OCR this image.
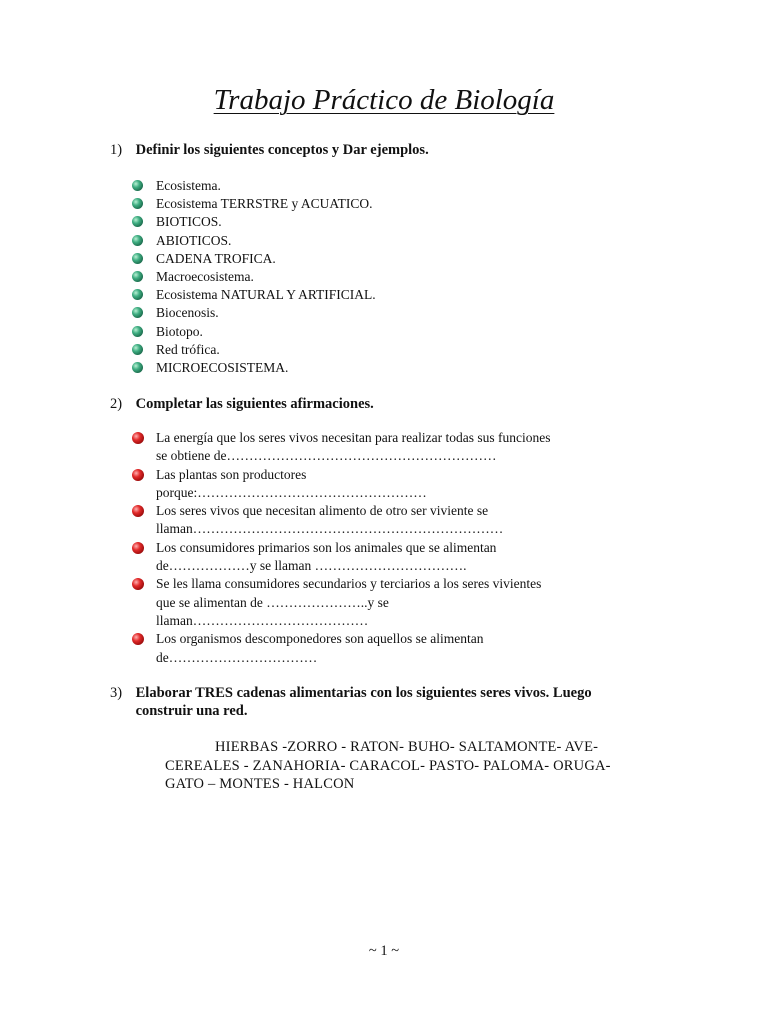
Trabajo Práctico de Biología
1) Definir los siguientes conceptos y Dar ejemplos.
Ecosistema.
Ecosistema TERRSTRE y ACUATICO.
BIOTICOS.
ABIOTICOS.
CADENA TROFICA.
Macroecosistema.
Ecosistema NATURAL Y ARTIFICIAL.
Biocenosis.
Biotopo.
Red trófica.
MICROECOSISTEMA.
2) Completar las siguientes afirmaciones.
La energía que los seres vivos necesitan para realizar todas sus funciones
se obtiene de……………………………………………………
Las plantas son productores
porque:……………………………………………
Los seres vivos que necesitan alimento de otro ser viviente se
llaman……………………………………………………………
Los consumidores primarios son los animales que se alimentan
de………………y se llaman …………………………….
Se les llama consumidores secundarios y terciarios a los seres vivientes
que se alimentan de …………………..y se
llaman…………………………………
Los organismos descomponedores son aquellos se alimentan
de……………………………
3) Elaborar TRES cadenas alimentarias con los siguientes seres vivos. Luego
construir una red.
HIERBAS -ZORRO - RATON- BUHO- SALTAMONTE- AVE-
CEREALES - ZANAHORIA- CARACOL- PASTO- PALOMA- ORUGA-
GATO – MONTES - HALCON
~ 1 ~
